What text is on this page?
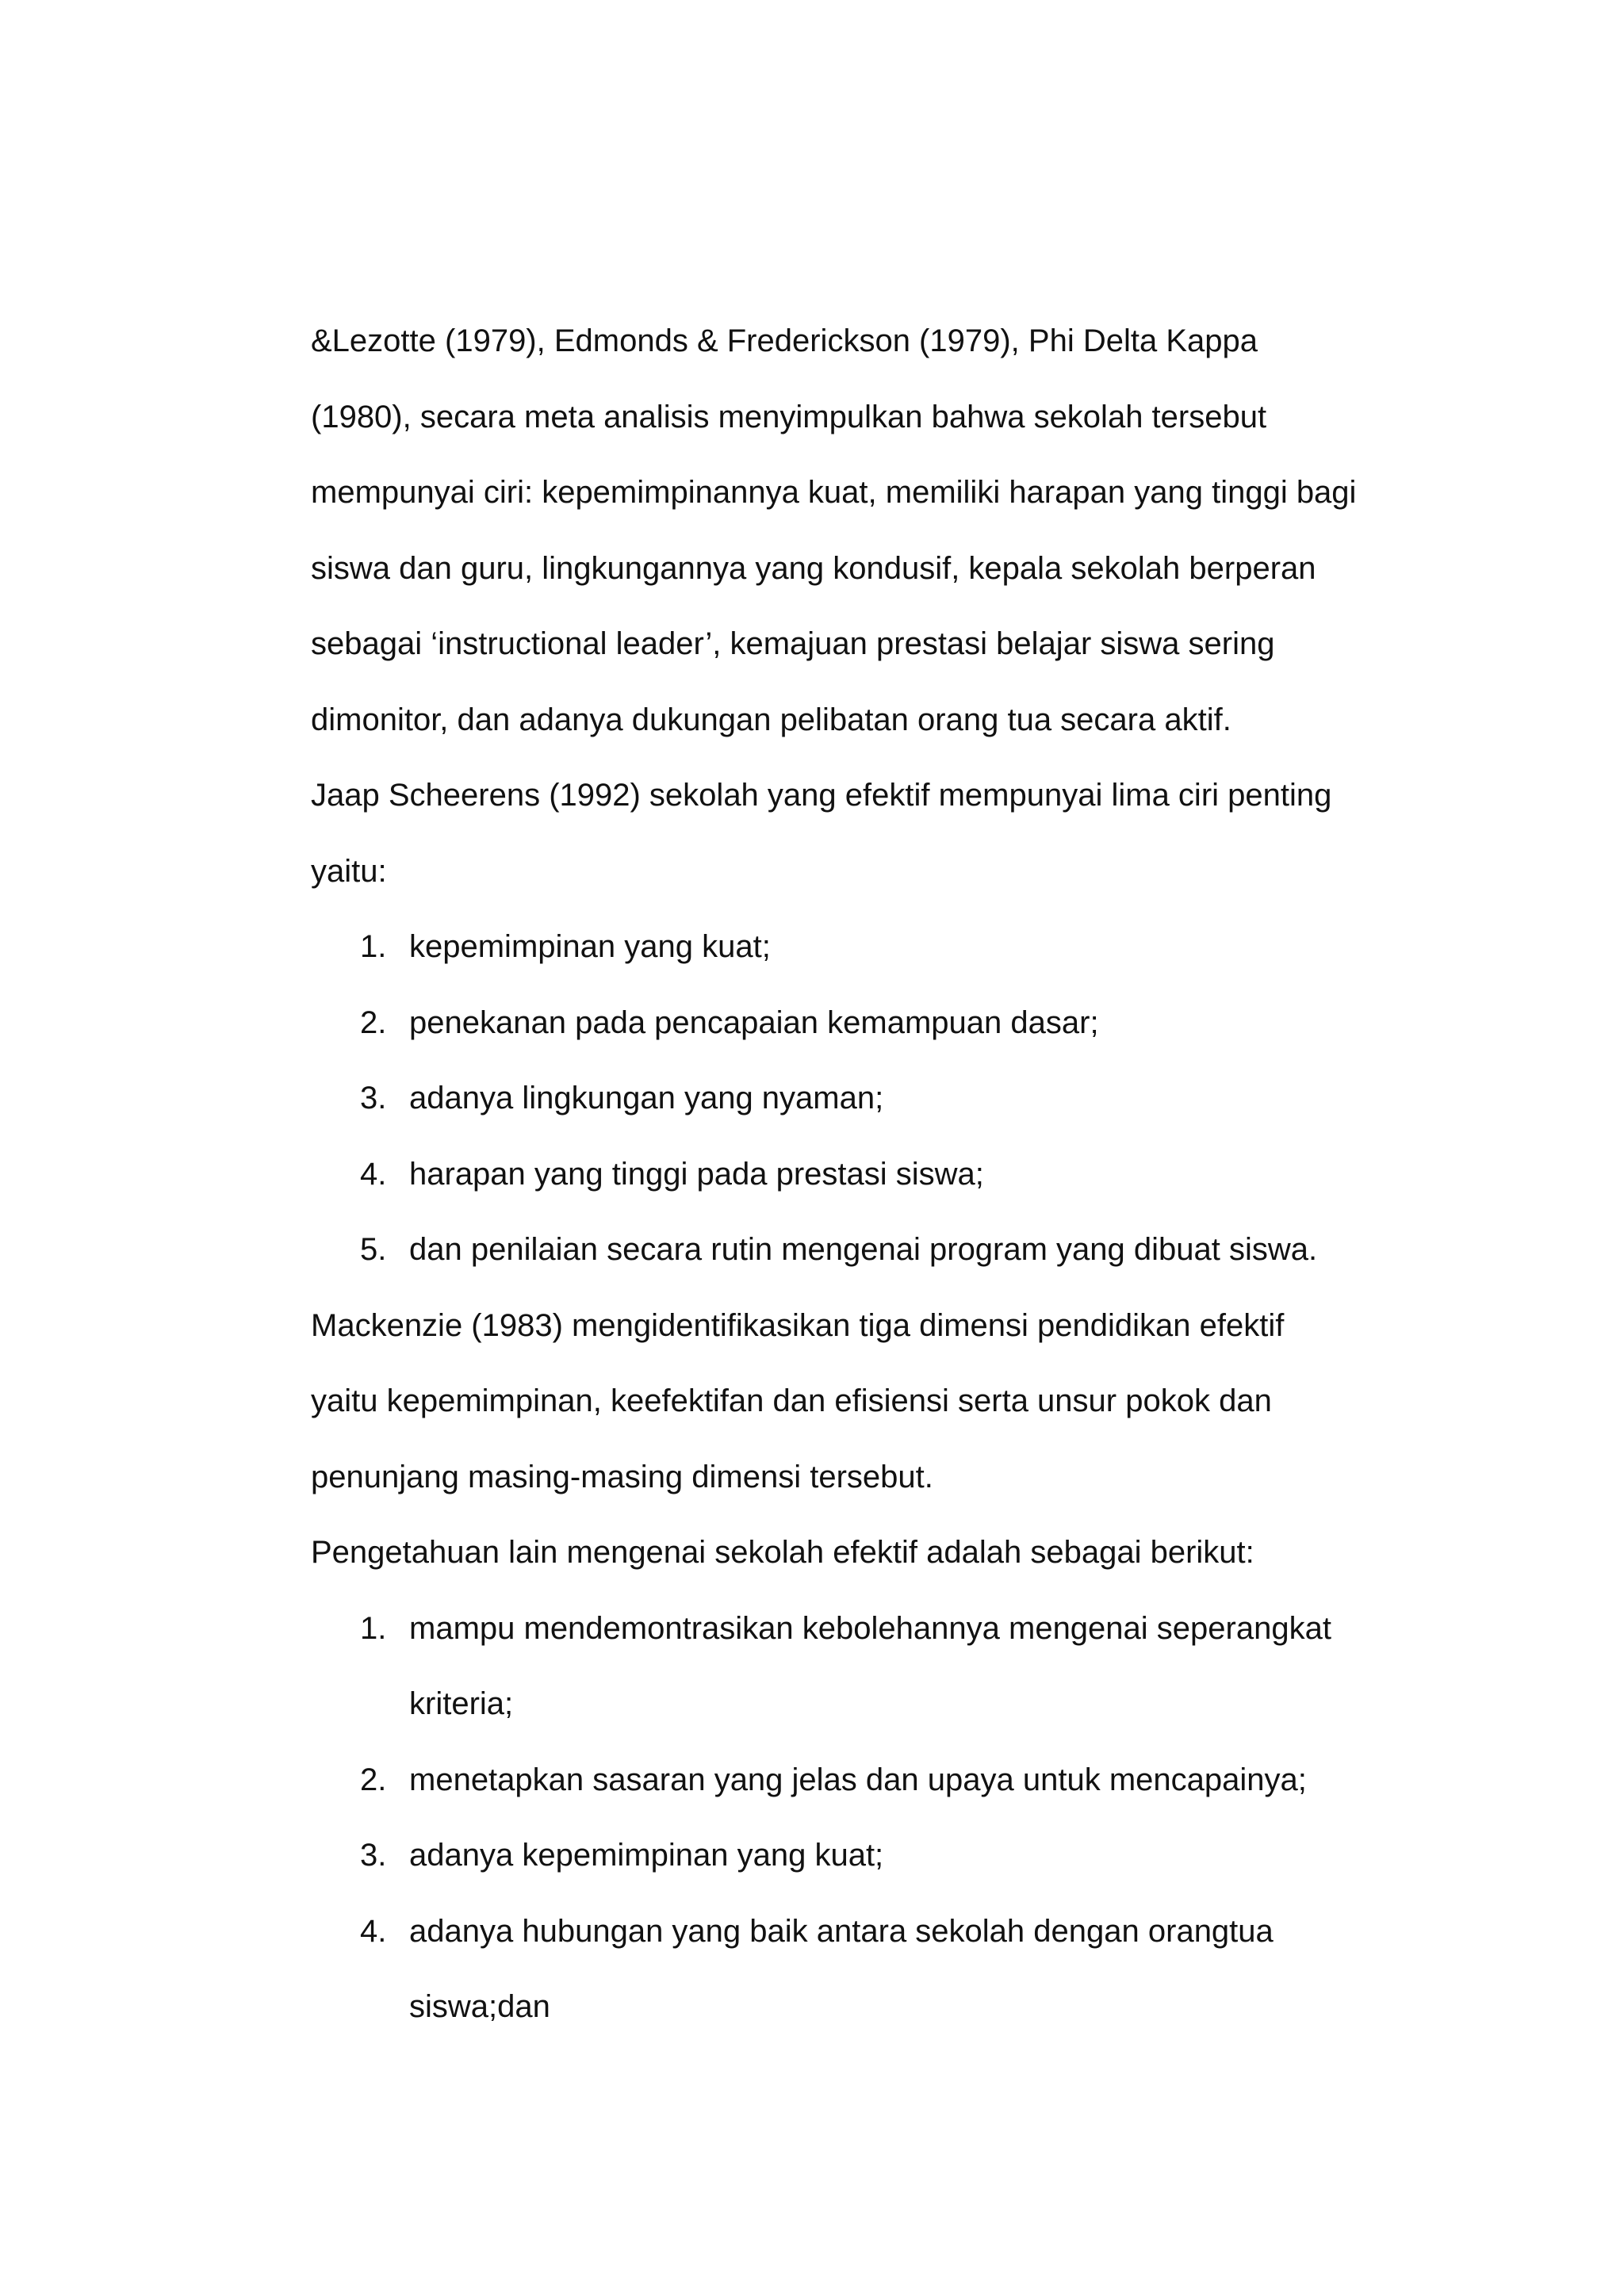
&Lezotte (1979), Edmonds & Frederickson (1979), Phi Delta Kappa

(1980), secara meta analisis menyimpulkan bahwa sekolah tersebut

mempunyai ciri: kepemimpinannya kuat, memiliki harapan yang tinggi bagi

siswa dan guru, lingkungannya yang kondusif, kepala sekolah berperan

sebagai ‘instructional leader’, kemajuan prestasi belajar siswa sering

dimonitor, dan adanya dukungan pelibatan orang tua secara aktif.

Jaap Scheerens (1992) sekolah yang efektif mempunyai lima ciri penting

yaitu:

1. kepemimpinan yang kuat;
2. penekanan pada pencapaian kemampuan dasar;
3. adanya lingkungan yang nyaman;
4. harapan yang tinggi pada prestasi siswa;
5. dan penilaian secara rutin mengenai program yang dibuat siswa.

Mackenzie (1983) mengidentifikasikan tiga dimensi pendidikan efektif

yaitu kepemimpinan, keefektifan dan efisiensi serta unsur pokok dan

penunjang masing-masing dimensi tersebut.

Pengetahuan lain mengenai sekolah efektif adalah sebagai berikut:

1. mampu mendemontrasikan kebolehannya mengenai seperangkat
kriteria;
2. menetapkan sasaran yang jelas dan upaya untuk mencapainya;
3. adanya kepemimpinan yang kuat;
4. adanya hubungan yang baik antara sekolah dengan orangtua
siswa;dan
